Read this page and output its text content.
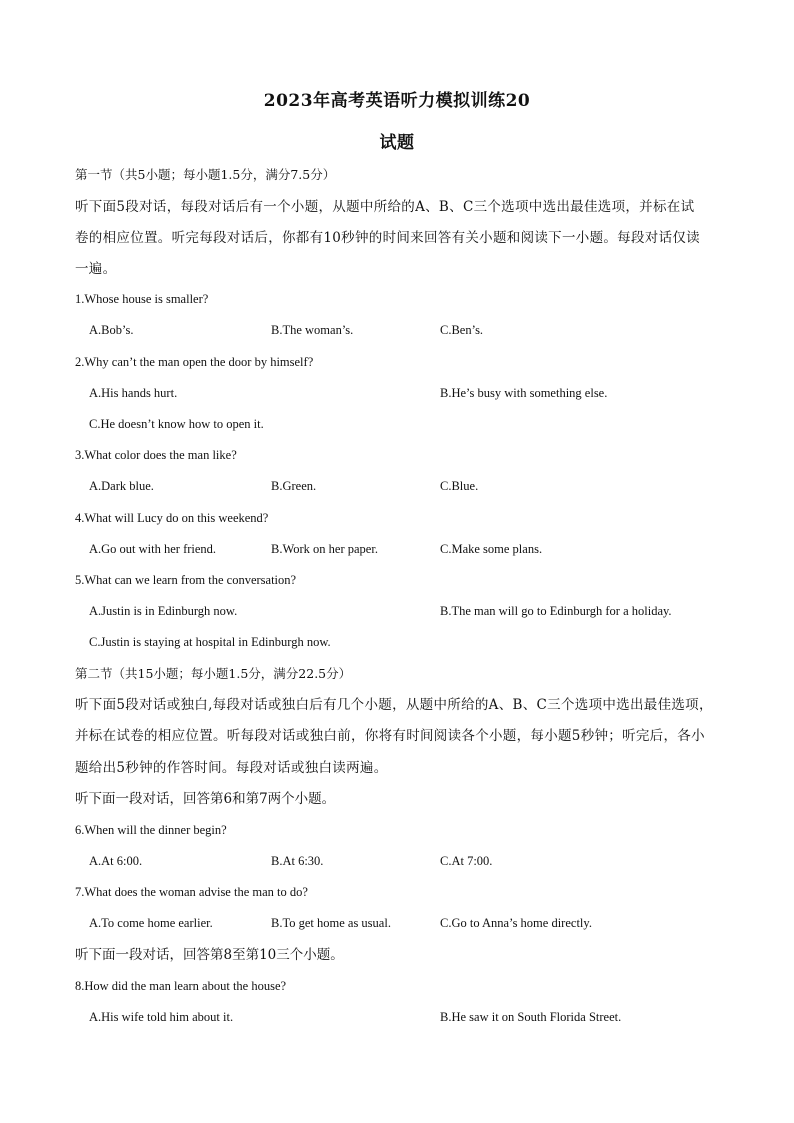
2023年高考英语听力模拟训练20
试题
第一节（共5小题；每小题1.5分，满分7.5分）
听下面5段对话，每段对话后有一个小题，从题中所给的A、B、C三个选项中选出最佳选项，并标在试
卷的相应位置。听完每段对话后，你都有10秒钟的时间来回答有关小题和阅读下一小题。每段对话仅读
一遍。
1.Whose house is smaller?
A.Bob’s.	B.The woman’s.	C.Ben’s.
2.Why can’t the man open the door by himself?
A.His hands hurt.	B.He’s busy with something else.
C.He doesn’t know how to open it.
3.What color does the man like?
A.Dark blue.	B.Green.	C.Blue.
4.What will Lucy do on this weekend?
A.Go out with her friend.	B.Work on her paper.	C.Make some plans.
5.What can we learn from the conversation?
A.Justin is in Edinburgh now.	B.The man will go to Edinburgh for a holiday.
C.Justin is staying at hospital in Edinburgh now.
第二节（共15小题；每小题1.5分，满分22.5分）
听下面5段对话或独白,每段对话或独白后有几个小题，从题中所给的A、B、C三个选项中选出最佳选项，
并标在试卷的相应位置。听每段对话或独白前，你将有时间阅读各个小题，每小题5秒钟；听完后，各小
题给出5秒钟的作答时间。每段对话或独白读两遍。
听下面一段对话，回答第6和第7两个小题。
6.When will the dinner begin?
A.At 6:00.	B.At 6:30.	C.At 7:00.
7.What does the woman advise the man to do?
A.To come home earlier.	B.To get home as usual.	C.Go to Anna’s home directly.
听下面一段对话，回答第8至第10三个小题。
8.How did the man learn about the house?
A.His wife told him about it.	B.He saw it on South Florida Street.
